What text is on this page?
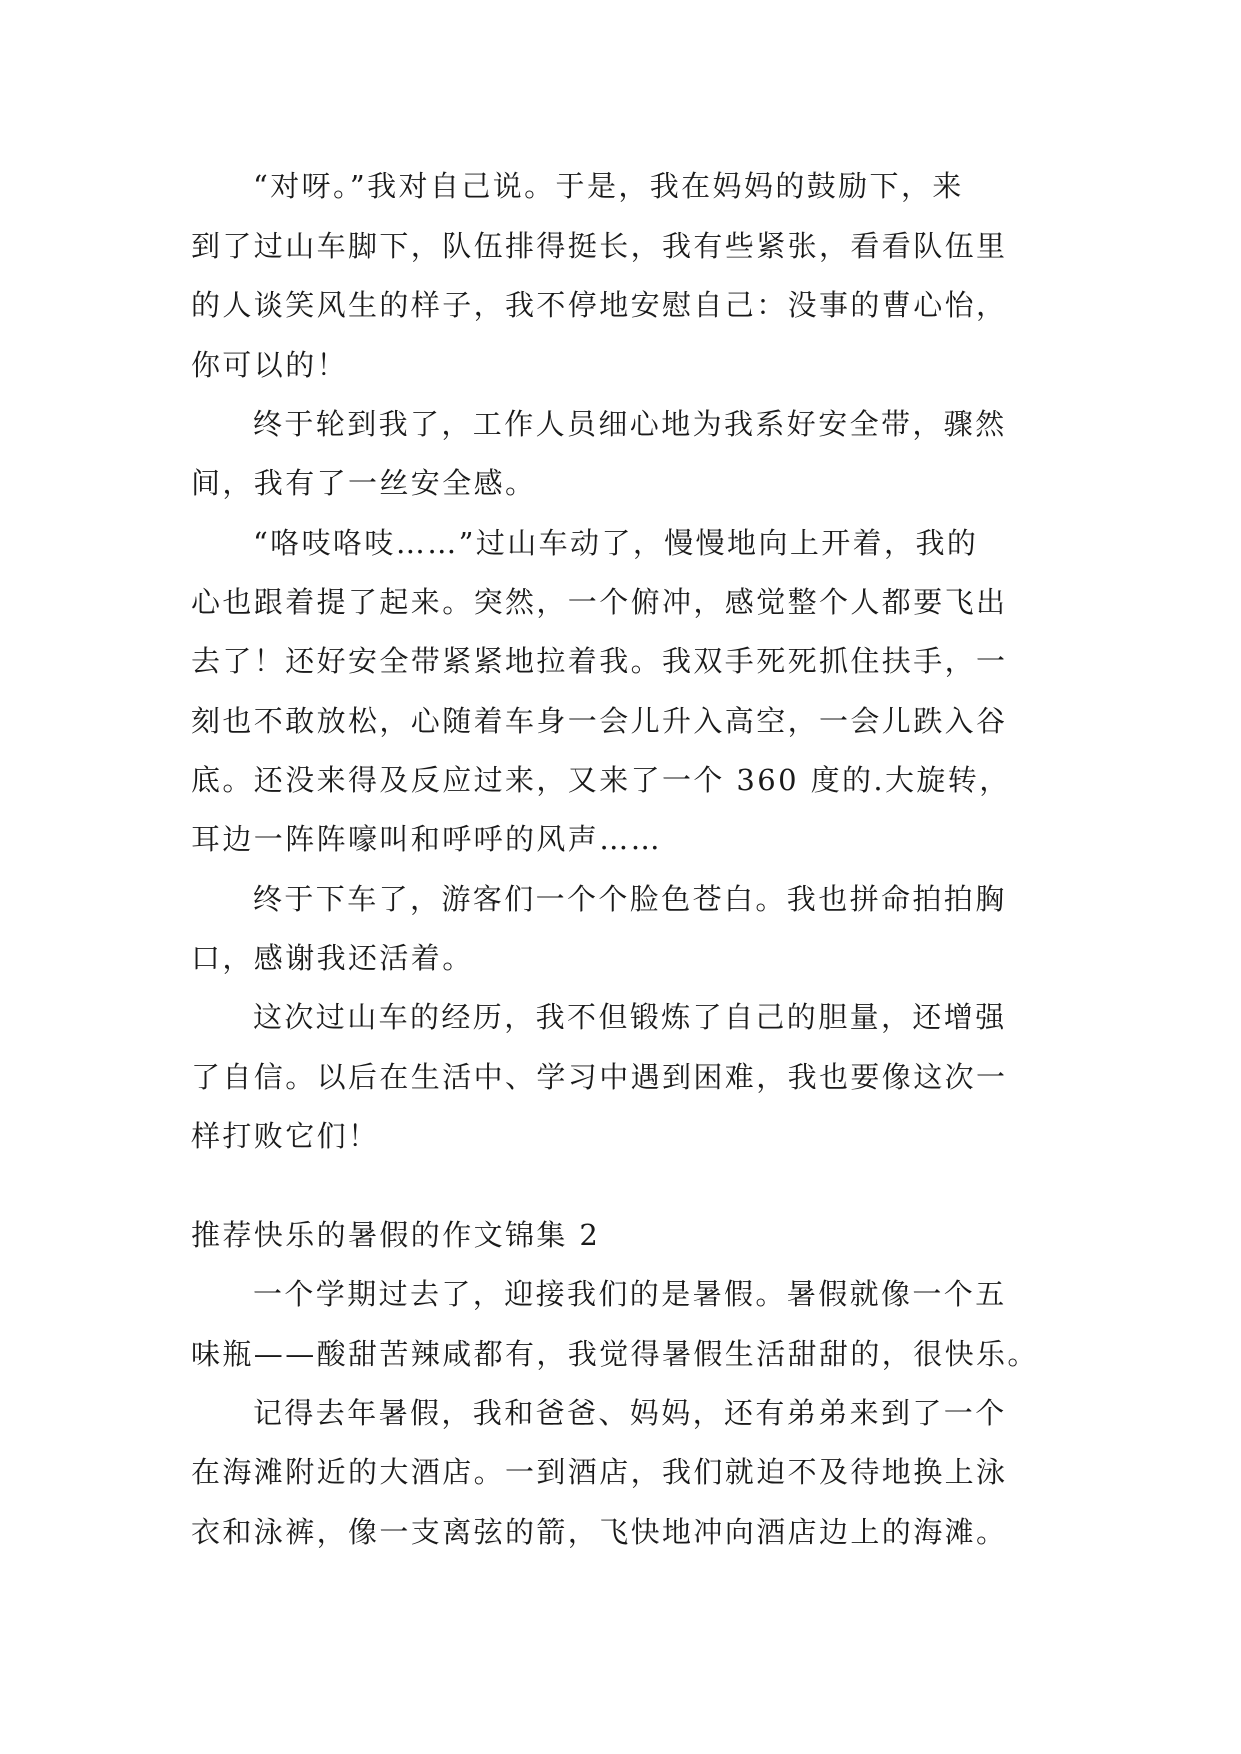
“对呀。”我对自己说。于是，我在妈妈的鼓励下，来
到了过山车脚下，队伍排得挺长，我有些紧张，看看队伍里
的人谈笑风生的样子，我不停地安慰自己：没事的曹心怡，
你可以的！
终于轮到我了，工作人员细心地为我系好安全带，骤然
间，我有了一丝安全感。
“咯吱咯吱……”过山车动了，慢慢地向上开着，我的
心也跟着提了起来。突然，一个俯冲，感觉整个人都要飞出
去了！还好安全带紧紧地拉着我。我双手死死抓住扶手，一
刻也不敢放松，心随着车身一会儿升入高空，一会儿跌入谷
底。还没来得及反应过来，又来了一个 360 度的.大旋转，
耳边一阵阵嚎叫和呼呼的风声……
终于下车了，游客们一个个脸色苍白。我也拼命拍拍胸
口，感谢我还活着。
这次过山车的经历，我不但锻炼了自己的胆量，还增强
了自信。以后在生活中、学习中遇到困难，我也要像这次一
样打败它们！
推荐快乐的暑假的作文锦集 2
一个学期过去了，迎接我们的是暑假。暑假就像一个五
味瓶——酸甜苦辣咸都有，我觉得暑假生活甜甜的，很快乐。
记得去年暑假，我和爸爸、妈妈，还有弟弟来到了一个
在海滩附近的大酒店。一到酒店，我们就迫不及待地换上泳
衣和泳裤，像一支离弦的箭，飞快地冲向酒店边上的海滩。
